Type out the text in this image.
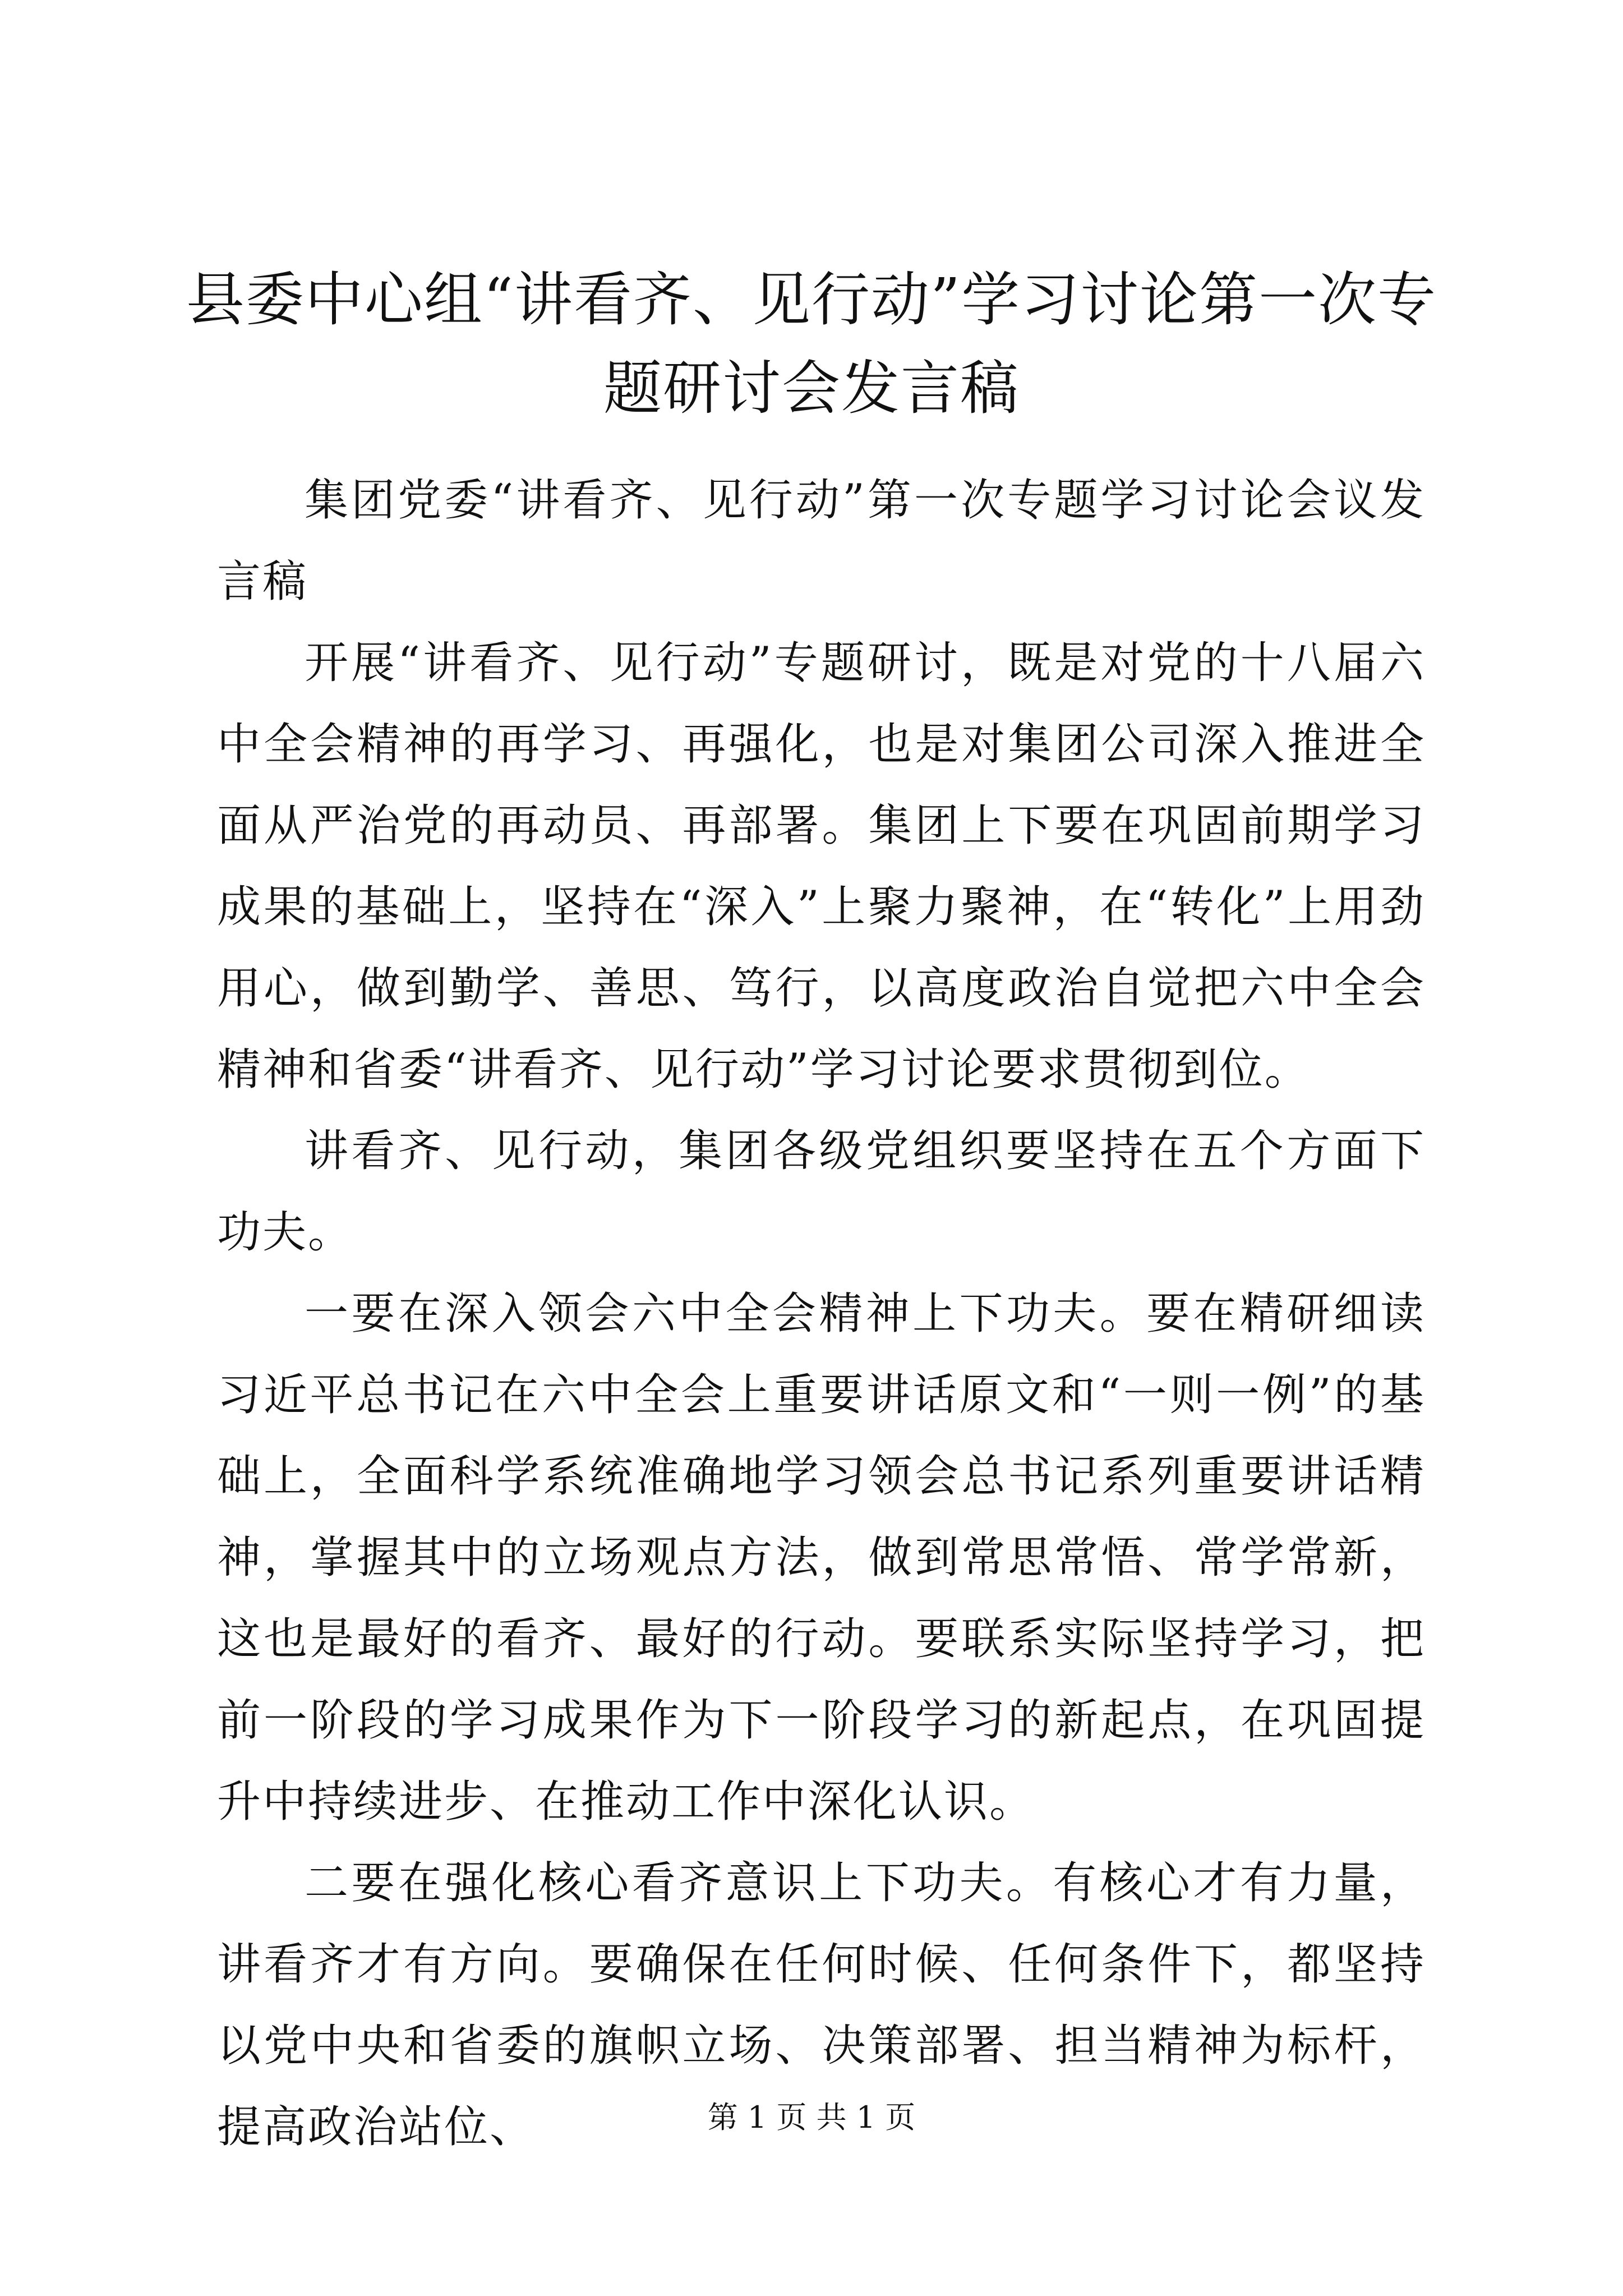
县委中心组“讲看齐、见行动”学习讨论第一次专题研讨会发言稿

集团党委“讲看齐、见行动”第一次专题学习讨论会议发言稿

开展“讲看齐、见行动”专题研讨，既是对党的十八届六中全会精神的再学习、再强化，也是对集团公司深入推进全面从严治党的再动员、再部署。集团上下要在巩固前期学习成果的基础上，坚持在“深入”上聚力聚神，在“转化”上用劲用心，做到勤学、善思、笃行，以高度政治自觉把六中全会精神和省委“讲看齐、见行动”学习讨论要求贯彻到位。

讲看齐、见行动，集团各级党组织要坚持在五个方面下功夫。

一要在深入领会六中全会精神上下功夫。要在精研细读习近平总书记在六中全会上重要讲话原文和“一则一例”的基础上，全面科学系统准确地学习领会总书记系列重要讲话精神，掌握其中的立场观点方法，做到常思常悟、常学常新，这也是最好的看齐、最好的行动。要联系实际坚持学习，把前一阶段的学习成果作为下一阶段学习的新起点，在巩固提升中持续进步、在推动工作中深化认识。

二要在强化核心看齐意识上下功夫。有核心才有力量，讲看齐才有方向。要确保在任何时候、任何条件下，都坚持以党中央和省委的旗帜立场、决策部署、担当精神为标杆，提高政治站位、	第 1 页 共 1 页
